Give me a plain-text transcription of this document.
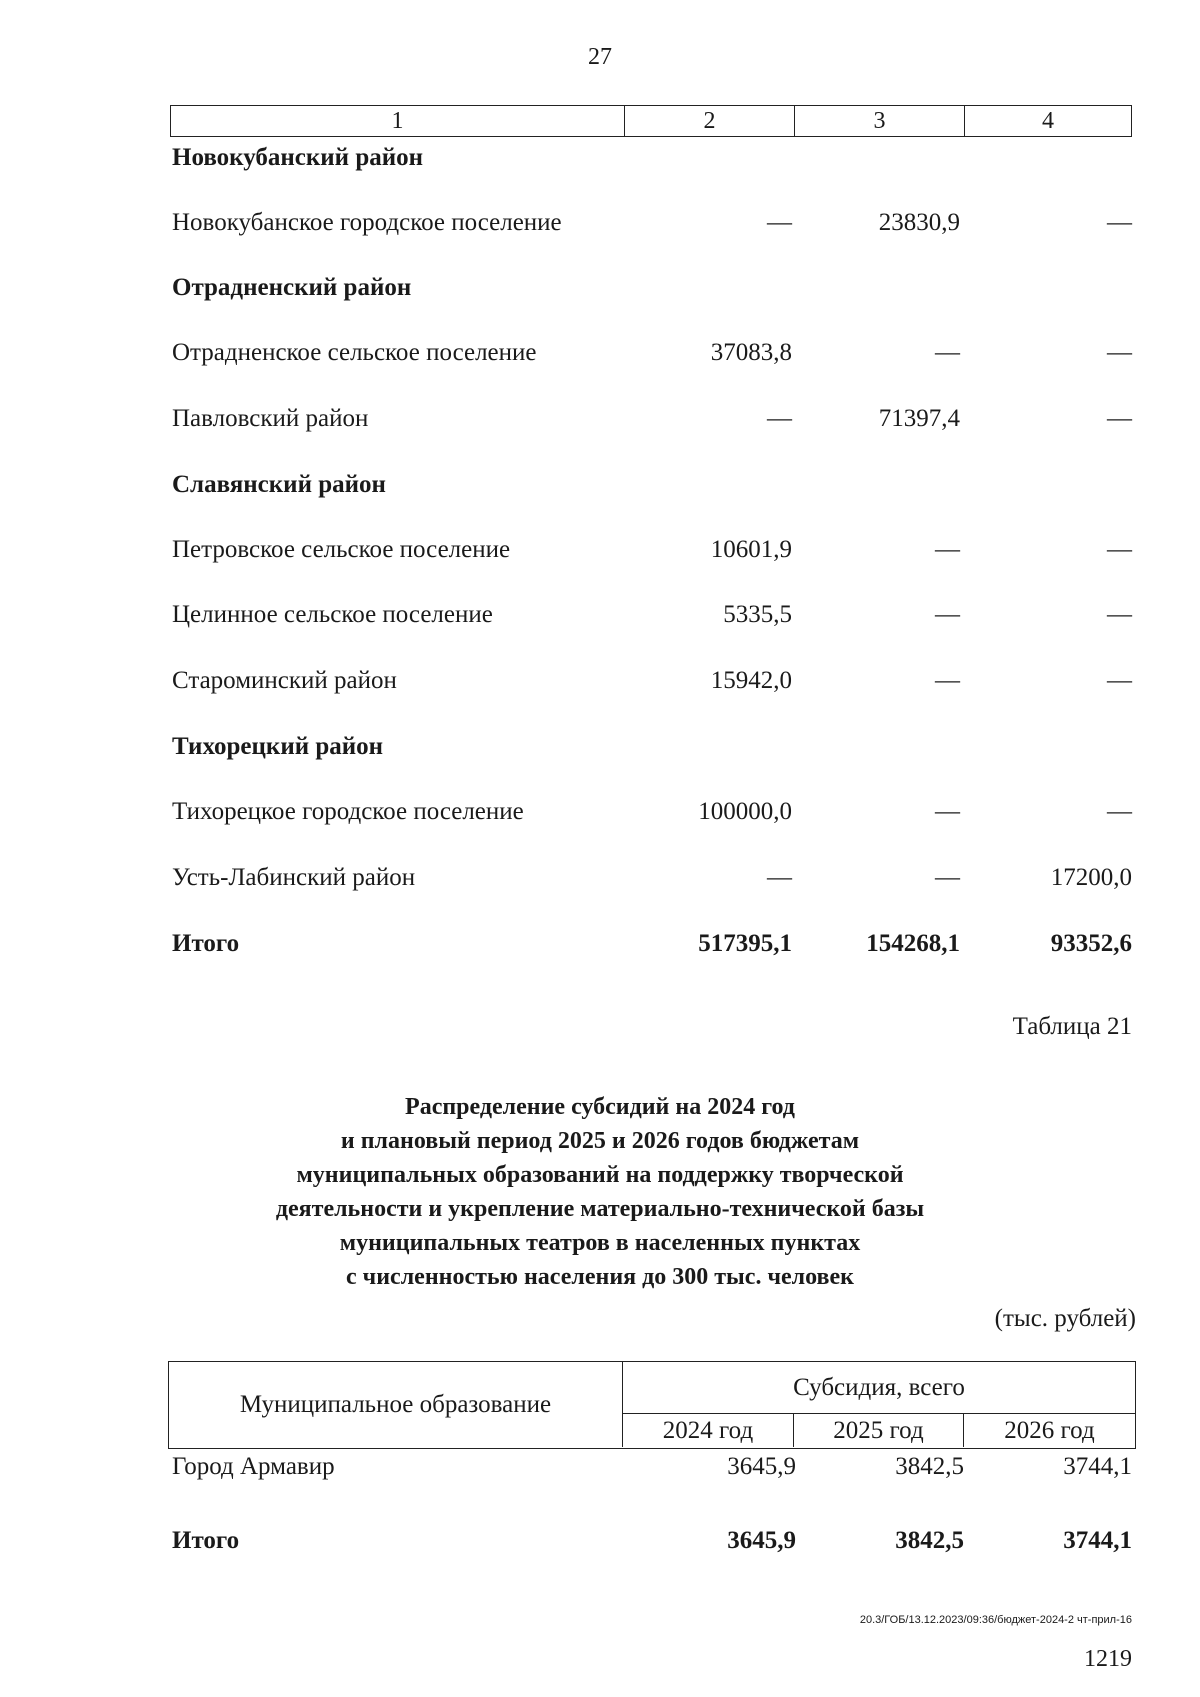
27
1	2	3	4
Новокубанский район
Новокубанское городское поселение	—	23830,9	—
Отрадненский район
Отрадненское сельское поселение	37083,8	—	—
Павловский район	—	71397,4	—
Славянский район
Петровское сельское поселение	10601,9	—	—
Целинное сельское поселение	5335,5	—	—
Староминский район	15942,0	—	—
Тихорецкий район
Тихорецкое городское поселение	100000,0	—	—
Усть-Лабинский район	—	—	17200,0
Итого	517395,1	154268,1	93352,6
Таблица 21
Распределение субсидий на 2024 год
и плановый период 2025 и 2026 годов бюджетам
муниципальных образований на поддержку творческой
деятельности и укрепление материально-технической базы
муниципальных театров в населенных пунктах
с численностью населения до 300 тыс. человек
(тыс. рублей)
Муниципальное образование
Субсидия, всего
2024 год	2025 год	2026 год
Город Армавир	3645,9	3842,5	3744,1
Итого	3645,9	3842,5	3744,1
20.3/ГОБ/13.12.2023/09:36/бюджет-2024-2 чт-прил-16
1219
